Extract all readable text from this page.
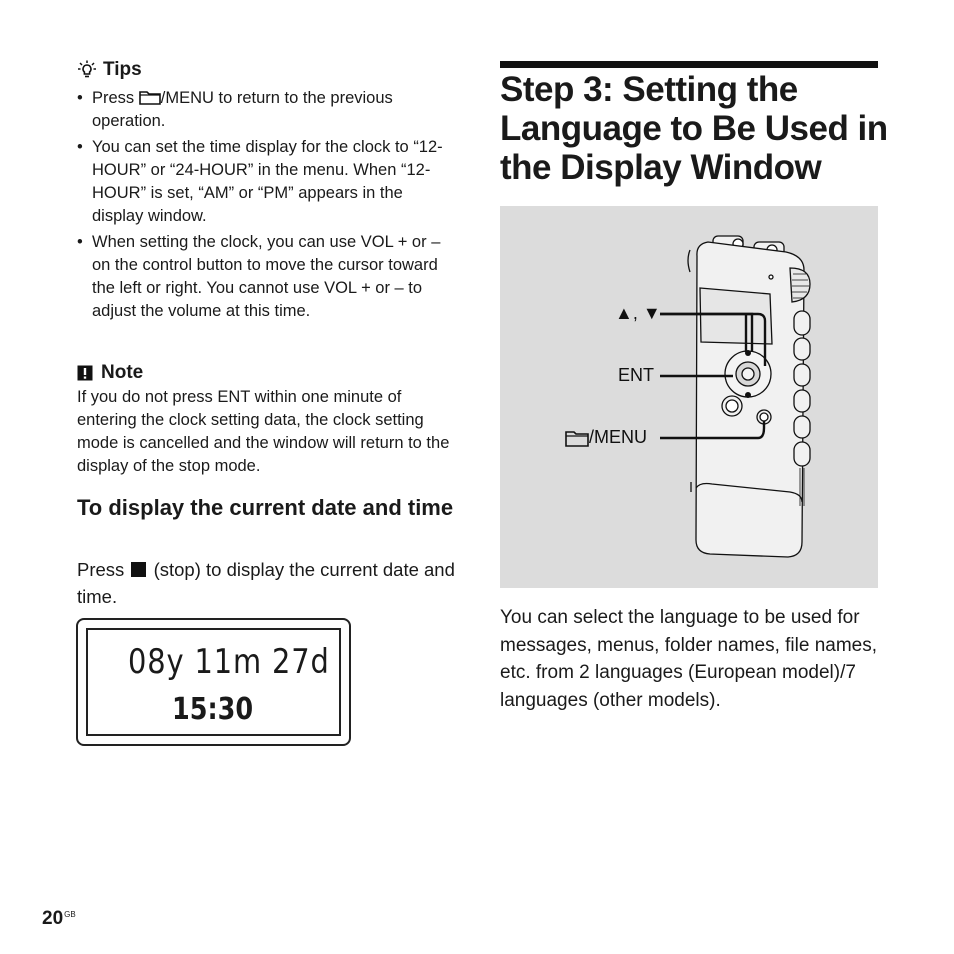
Tips
• Press /MENU to return to the previous operation.
• You can set the time display for the clock to “12-HOUR” or “24-HOUR” in the menu. When “12-HOUR” is set, “AM” or “PM” appears in the display window.
• When setting the clock, you can use VOL + or – on the control button to move the cursor toward the left or right. You cannot use VOL + or – to adjust the volume at this time.
Note
If you do not press ENT within one minute of entering the clock setting data, the clock setting mode is cancelled and the window will return to the display of the stop mode.
To display the current date and time
Press  (stop) to display the current date and time.
08y 11m 27d
15:30
Step 3: Setting the Language to Be Used in the Display Window
▲, ▼
ENT
/MENU
You can select the language to be used for messages, menus, folder names, file names, etc. from 2 languages (European model)/7 languages (other models).
$20^{GB}$
